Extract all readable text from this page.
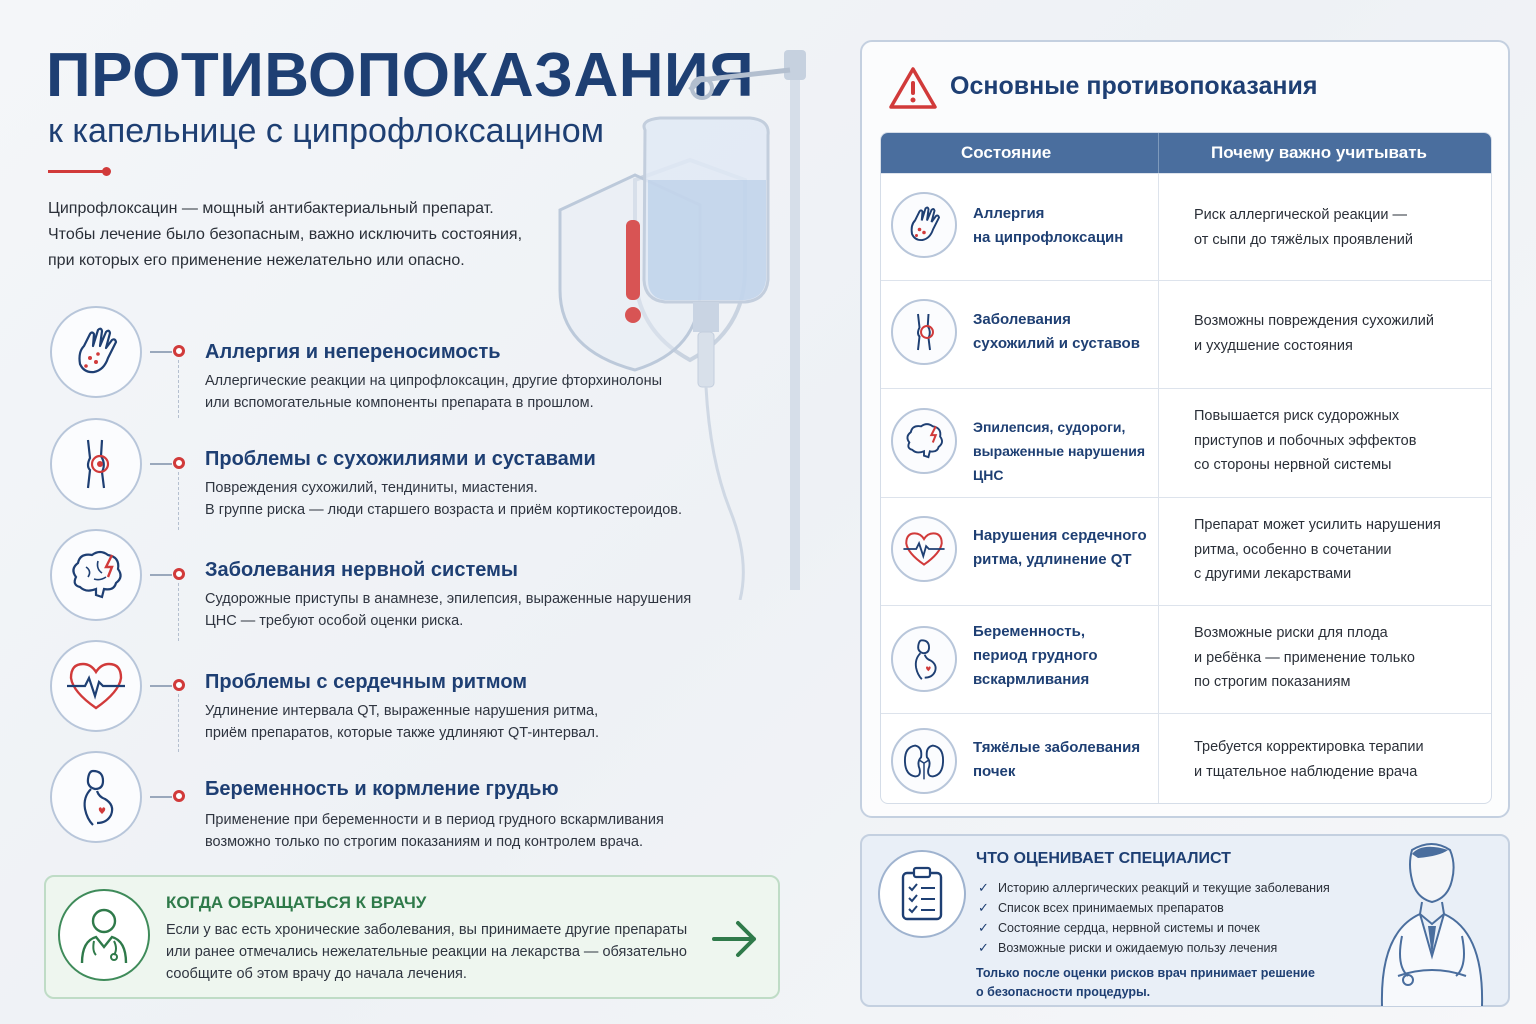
ПРОТИВОПОКАЗАНИЯ
к капельнице с ципрофлоксацином
Ципрофлоксацин — мощный антибактериальный препарат.
Чтобы лечение было безопасным, важно исключить состояния,
при которых его применение нежелательно или опасно.
Аллергия и непереносимость

Аллергические реакции на ципрофлоксацин, другие фторхинолоны
или вспомогательные компоненты препарата в прошлом.

Проблемы с сухожилиями и суставами

Повреждения сухожилий, тендиниты, миастения.
В группе риска — люди старшего возраста и приём кортикостероидов.

Заболевания нервной системы

Судорожные приступы в анамнезе, эпилепсия, выраженные нарушения
ЦНС — требуют особой оценки риска.

Проблемы с сердечным ритмом

Удлинение интервала QT, выраженные нарушения ритма,
приём препаратов, которые также удлиняют QT-интервал.

Беременность и кормление грудью

Применение при беременности и в период грудного вскармливания
возможно только по строгим показаниям и под контролем врача.

КОГДА ОБРАЩАТЬСЯ К ВРАЧУ

Если у вас есть хронические заболевания, вы принимаете другие препараты
или ранее отмечались нежелательные реакции на лекарства — обязательно
сообщите об этом врачу до начала лечения.

Основные противопоказания
Состояние	Почему важно учитывать
Аллергия
на ципрофлоксацин
Риск аллергической реакции —
от сыпи до тяжёлых проявлений
Заболевания
сухожилий и суставов
Возможны повреждения сухожилий
и ухудшение состояния
Эпилепсия, судороги,
выраженные нарушения ЦНС
Повышается риск судорожных
приступов и побочных эффектов
со стороны нервной системы
Нарушения сердечного
ритма, удлинение QT
Препарат может усилить нарушения
ритма, особенно в сочетании
с другими лекарствами
Беременность,
период грудного
вскармливания
Возможные риски для плода
и ребёнка — применение только
по строгим показаниям
Тяжёлые заболевания
почек
Требуется корректировка терапии
и тщательное наблюдение врача
ЧТО ОЦЕНИВАЕТ СПЕЦИАЛИСТ
✓ Историю аллергических реакций и текущие заболевания
✓ Список всех принимаемых препаратов
✓ Состояние сердца, нервной системы и почек
✓ Возможные риски и ожидаемую пользу лечения
Только после оценки рисков врач принимает решение
о безопасности процедуры.
